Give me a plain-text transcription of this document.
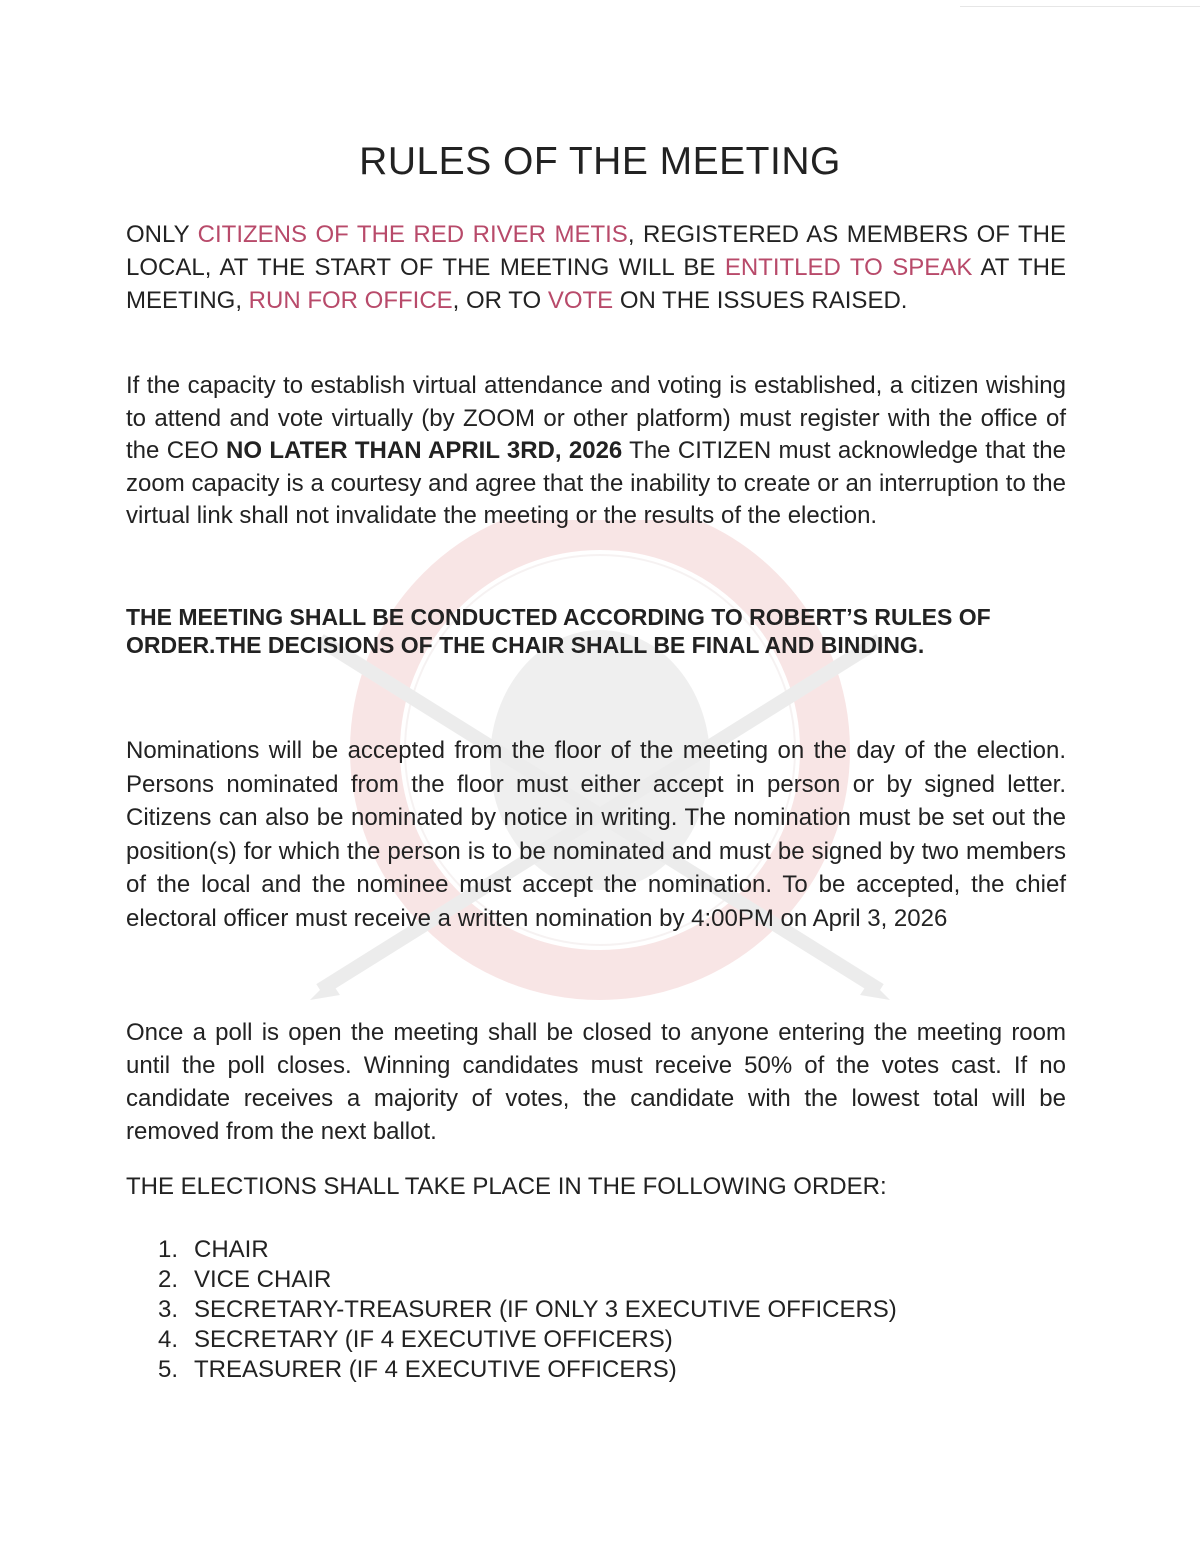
RULES OF THE MEETING
ONLY CITIZENS OF THE RED RIVER METIS, REGISTERED AS MEMBERS OF THE LOCAL, AT THE START OF THE MEETING WILL BE ENTITLED TO SPEAK AT THE MEETING, RUN FOR OFFICE, OR TO VOTE ON THE ISSUES RAISED.
If the capacity to establish virtual attendance and voting is established, a citizen wishing to attend and vote virtually (by ZOOM or other platform) must register with the office of the CEO NO LATER THAN APRIL 3RD, 2026 The CITIZEN must acknowledge that the zoom capacity is a courtesy and agree that the inability to create or an interruption to the virtual link shall not invalidate the meeting or the results of the election.
THE MEETING SHALL BE CONDUCTED ACCORDING TO ROBERT’S RULES OF ORDER.THE DECISIONS OF THE CHAIR SHALL BE FINAL AND BINDING.
Nominations will be accepted from the floor of the meeting on the day of the election. Persons nominated from the floor must either accept in person or by signed letter. Citizens can also be nominated by notice in writing. The nomination must be set out the position(s) for which the person is to be nominated and must be signed by two members of the local and the nominee must accept the nomination. To be accepted, the chief electoral officer must receive a written nomination by 4:00PM on April 3, 2026
Once a poll is open the meeting shall be closed to anyone entering the meeting room until the poll closes. Winning candidates must receive 50% of the votes cast. If no candidate receives a majority of votes, the candidate with the lowest total will be removed from the next ballot.
THE ELECTIONS SHALL TAKE PLACE IN THE FOLLOWING ORDER:
1. CHAIR
2. VICE CHAIR
3. SECRETARY-TREASURER (IF ONLY 3 EXECUTIVE OFFICERS)
4. SECRETARY (IF 4 EXECUTIVE OFFICERS)
5. TREASURER (IF 4 EXECUTIVE OFFICERS)
